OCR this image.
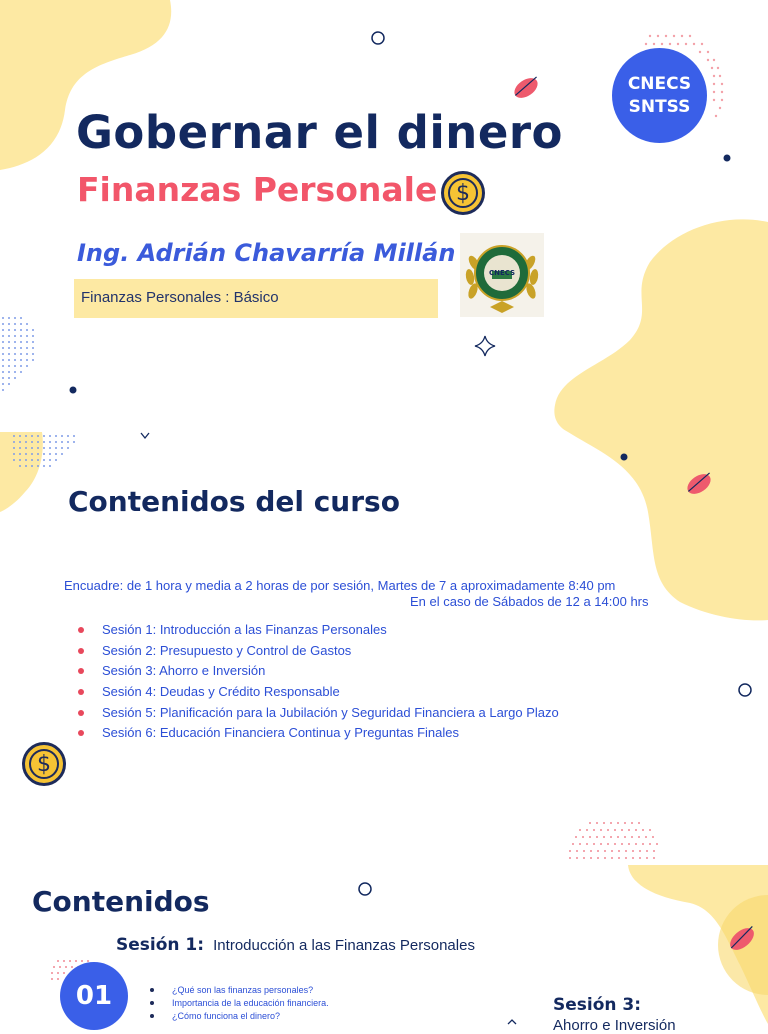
Gobernar el dinero
Finanzas Personale $
Ing. Adrián Chavarría Millán
Finanzas Personales : Básico
CNECS
CNECS
SNTSS
Contenidos del curso
Encuadre: de 1 hora y media a 2 horas de por sesión, Martes de 7 a aproximadamente 8:40 pm
En el caso de Sábados de 12 a 14:00 hrs
Sesión 1: Introducción a las Finanzas Personales
Sesión 2: Presupuesto y Control de Gastos
Sesión 3: Ahorro e Inversión
Sesión 4: Deudas y Crédito Responsable
Sesión 5: Planificación para la Jubilación y Seguridad Financiera a Largo Plazo
Sesión 6: Educación Financiera Continua y Preguntas Finales
$
Contenidos
Sesión 1: Introducción a las Finanzas Personales
01	¿Qué son las finanzas personales?
Importancia de la educación financiera.
¿Cómo funciona el dinero?
Sesión 3:
Ahorro e Inversión
